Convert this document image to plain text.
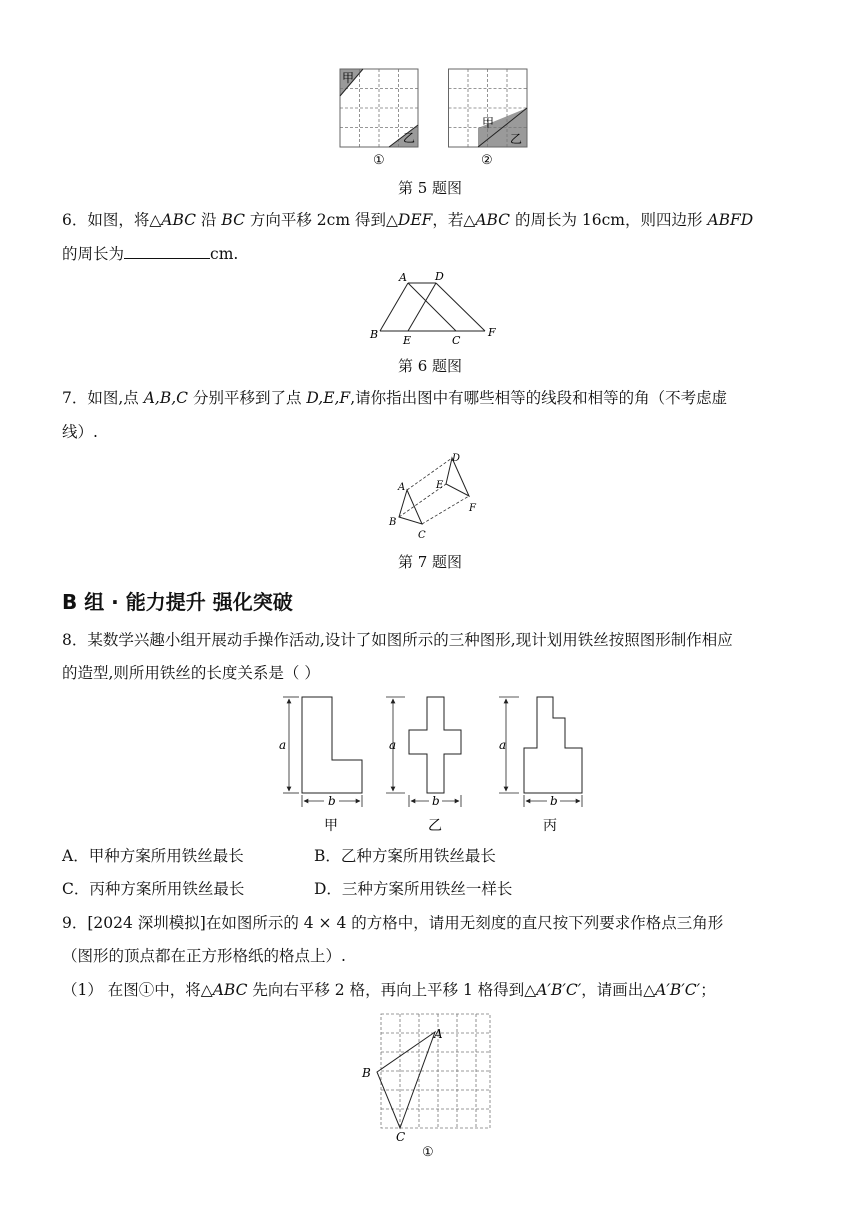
甲
乙
①
甲
乙
②
第 5 题图
6．如图，将△ABC 沿 BC 方向平移 2cm 得到△DEF，若△ABC 的周长为 16cm，则四边形 ABFD
的周长为	cm.
A	D
B E	C
F
第 6 题图
7．如图,点 A,B,C 分别平移到了点 D,E,F,请你指出图中有哪些相等的线段和相等的角（不考虑虚
线）.
D
A	E
F
B
C
第 7 题图
B 组 · 能力提升 强化突破
8．某数学兴趣小组开展动手操作活动,设计了如图所示的三种图形,现计划用铁丝按照图形制作相应
的造型,则所用铁丝的长度关系是（ ）
a
b
甲
a
b
乙
a
b
丙
A．甲种方案所用铁丝最长	B．乙种方案所用铁丝最长
C．丙种方案所用铁丝最长	D．三种方案所用铁丝一样长
9．[2024 深圳模拟]在如图所示的 4 × 4 的方格中，请用无刻度的直尺按下列要求作格点三角形
（图形的顶点都在正方形格纸的格点上）.
（1） 在图①中，将△ABC 先向右平移 2 格，再向上平移 1 格得到△A′B′C′，请画出△A′B′C′；
A
B
C
①
